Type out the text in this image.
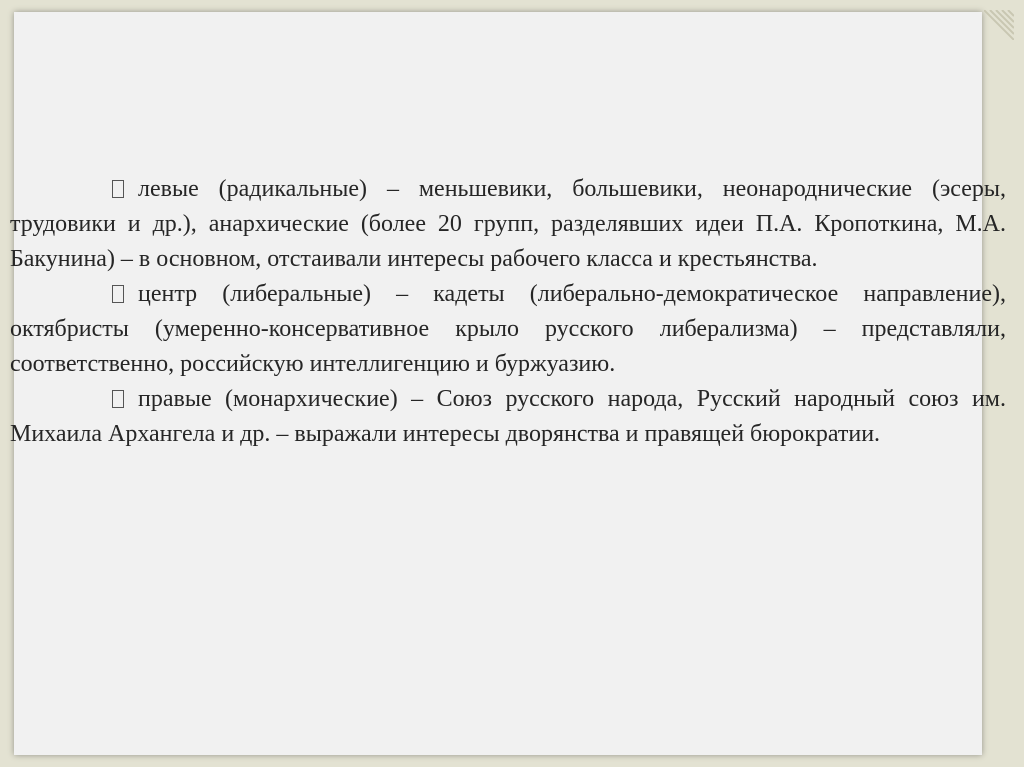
левые (радикальные) – меньшевики, большевики, неонароднические (эсеры, трудовики и др.), анархические (более 20 групп, разделявших идеи П.А. Кропоткина, М.А. Бакунина) – в основном, отстаивали интересы рабочего класса и крестьянства.

центр (либеральные) – кадеты (либерально-демократическое направление), октябристы (умеренно-консервативное крыло русского либерализма) – представляли, соответственно, российскую интеллигенцию и буржуазию.

правые (монархические) – Союз русского народа, Русский народный союз им. Михаила Архангела и др. – выражали интересы дворянства и правящей бюрократии.
